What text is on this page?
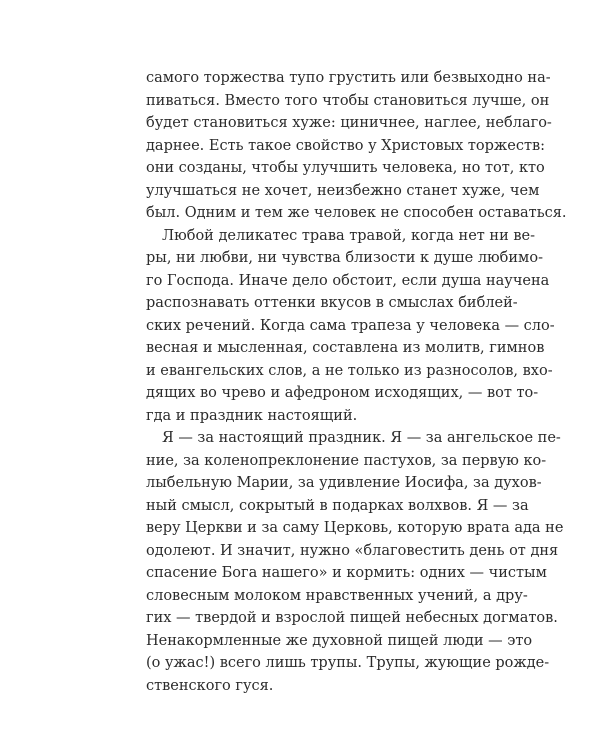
самого торжества тупо грустить или безвыходно на-
пиваться. Вместо того чтобы становиться лучше, он
будет становиться хуже: циничнее, наглее, неблаго-
дарнее. Есть такое свойство у Христовых торжеств:
они созданы, чтобы улучшить человека, но тот, кто
улучшаться не хочет, неизбежно станет хуже, чем
был. Одним и тем же человек не способен оставаться.
Любой деликатес трава травой, когда нет ни ве-
ры, ни любви, ни чувства близости к душе любимо-
го Господа. Иначе дело обстоит, если душа научена
распознавать оттенки вкусов в смыслах библей-
ских речений. Когда сама трапеза у человека — сло-
весная и мысленная, составлена из молитв, гимнов
и евангельских слов, а не только из разносолов, вхо-
дящих во чрево и афедроном исходящих, — вот то-
гда и праздник настоящий.
Я — за настоящий праздник. Я — за ангельское пе-
ние, за коленопреклонение пастухов, за первую ко-
лыбельную Марии, за удивление Иосифа, за духов-
ный смысл, сокрытый в подарках волхвов. Я — за
веру Церкви и за саму Церковь, которую врата ада не
одолеют. И значит, нужно «благовестить день от дня
спасение Бога нашего» и кормить: одних — чистым
словесным молоком нравственных учений, а дру-
гих — твердой и взрослой пищей небесных догматов.
Ненакормленные же духовной пищей люди — это
(о ужас!) всего лишь трупы. Трупы, жующие рожде-
ственского гуся.
